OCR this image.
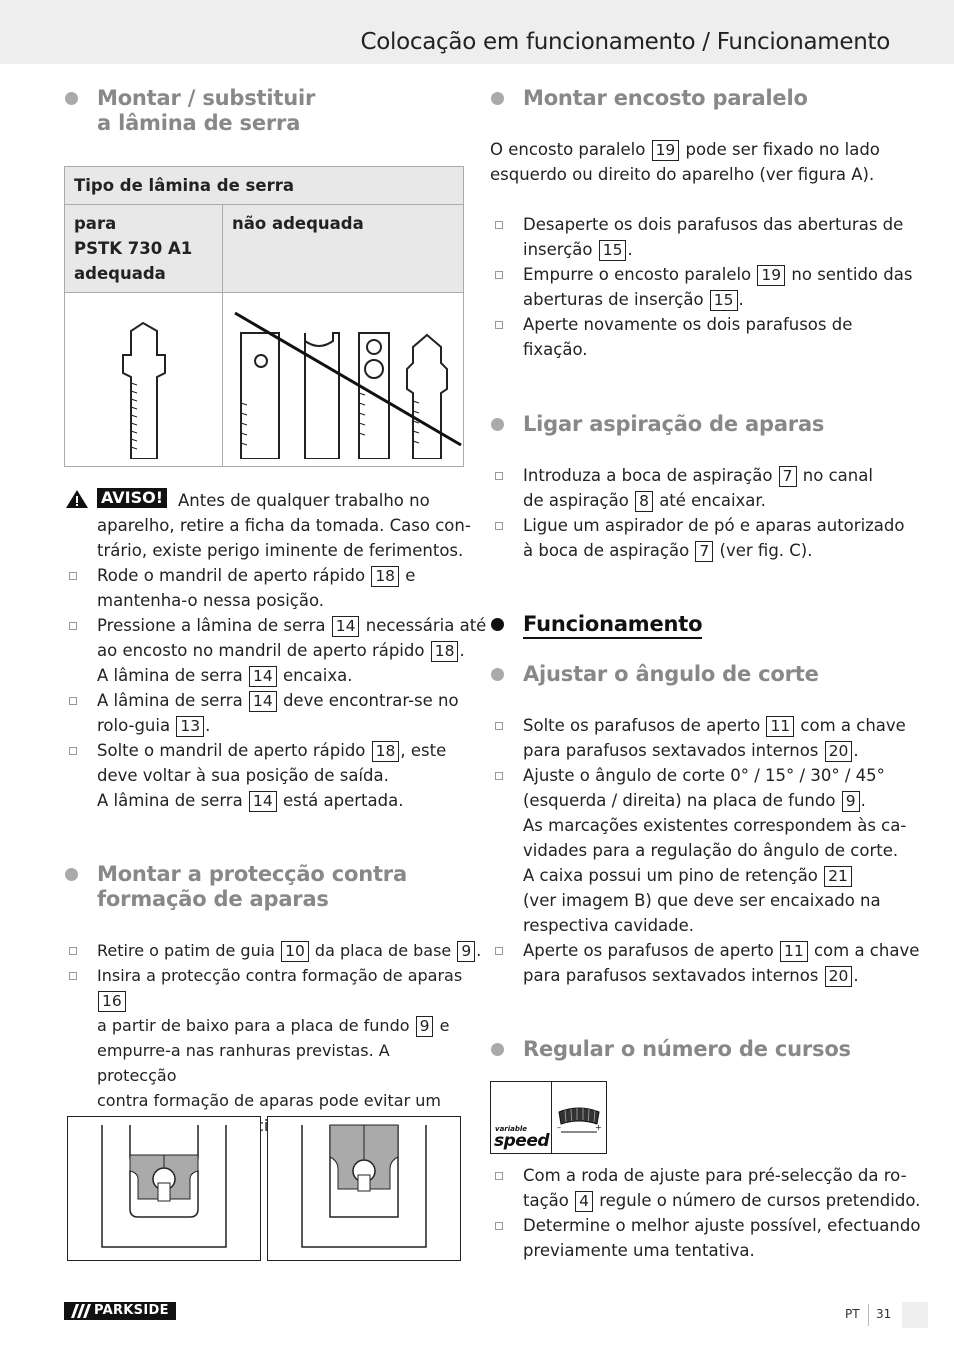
Colocação em funcionamento / Funcionamento
Montar / substituir
a lâmina de serra
Tipo de lâmina de serra	

para
PSTK 730 A1
adequada	não adequada

AVISO! Antes de qualquer trabalho no
aparelho, retire a ficha da tomada. Caso con-
trário, existe perigo iminente de ferimentos.
Rode o mandril de aperto rápido 18 e
mantenha-o nessa posição.
Pressione a lâmina de serra 14 necessária até
ao encosto no mandril de aperto rápido 18 .
A lâmina de serra 14 encaixa.
A lâmina de serra 14 deve encontrar-se no
rolo-guia 13 .
Solte o mandril de aperto rápido 18 , este
deve voltar à sua posição de saída.
A lâmina de serra 14 está apertada.
Montar a protecção contra
formação de aparas
Retire o patim de guia 10 da placa de base 9 .
Insira a protecção contra formação de aparas 16
a partir de baixo para a placa de fundo 9 e
empurre-a nas ranhuras previstas. A protecção
contra formação de aparas pode evitar um
Montar encosto paralelo
O encosto paralelo 19 pode ser fixado no lado
esquerdo ou direito do aparelho (ver figura A).
Desaperte os dois parafusos das aberturas de
inserção 15 .
Empurre o encosto paralelo 19 no sentido das
aberturas de inserção 15 .
Aperte novamente os dois parafusos de
fixação.
Ligar aspiração de aparas
Introduza a boca de aspiração 7 no canal
de aspiração 8 até encaixar.
Ligue um aspirador de pó e aparas autorizado
à boca de aspiração 7 (ver fig. C).
Funcionamento
Ajustar o ângulo de corte
Solte os parafusos de aperto 11 com a chave
para parafusos sextavados internos 20 .
Ajuste o ângulo de corte 0° / 15° / 30° / 45°
(esquerda / direita) na placa de fundo 9 .
As marcações existentes correspondem às ca-
vidades para a regulação do ângulo de corte.
A caixa possui um pino de retenção 21
(ver imagem B) que deve ser encaixado na
respectiva cavidade.
Aperte os parafusos de aperto 11 com a chave
para parafusos sextavados internos 20 .
Regular o número de cursos
variable
speed
–	+
Com a roda de ajuste para pré-selecção da ro-
tação 4 regule o número de cursos pretendido.
Determine o melhor ajuste possível, efectuando
previamente uma tentativa.
PARKSIDE	PT 31
